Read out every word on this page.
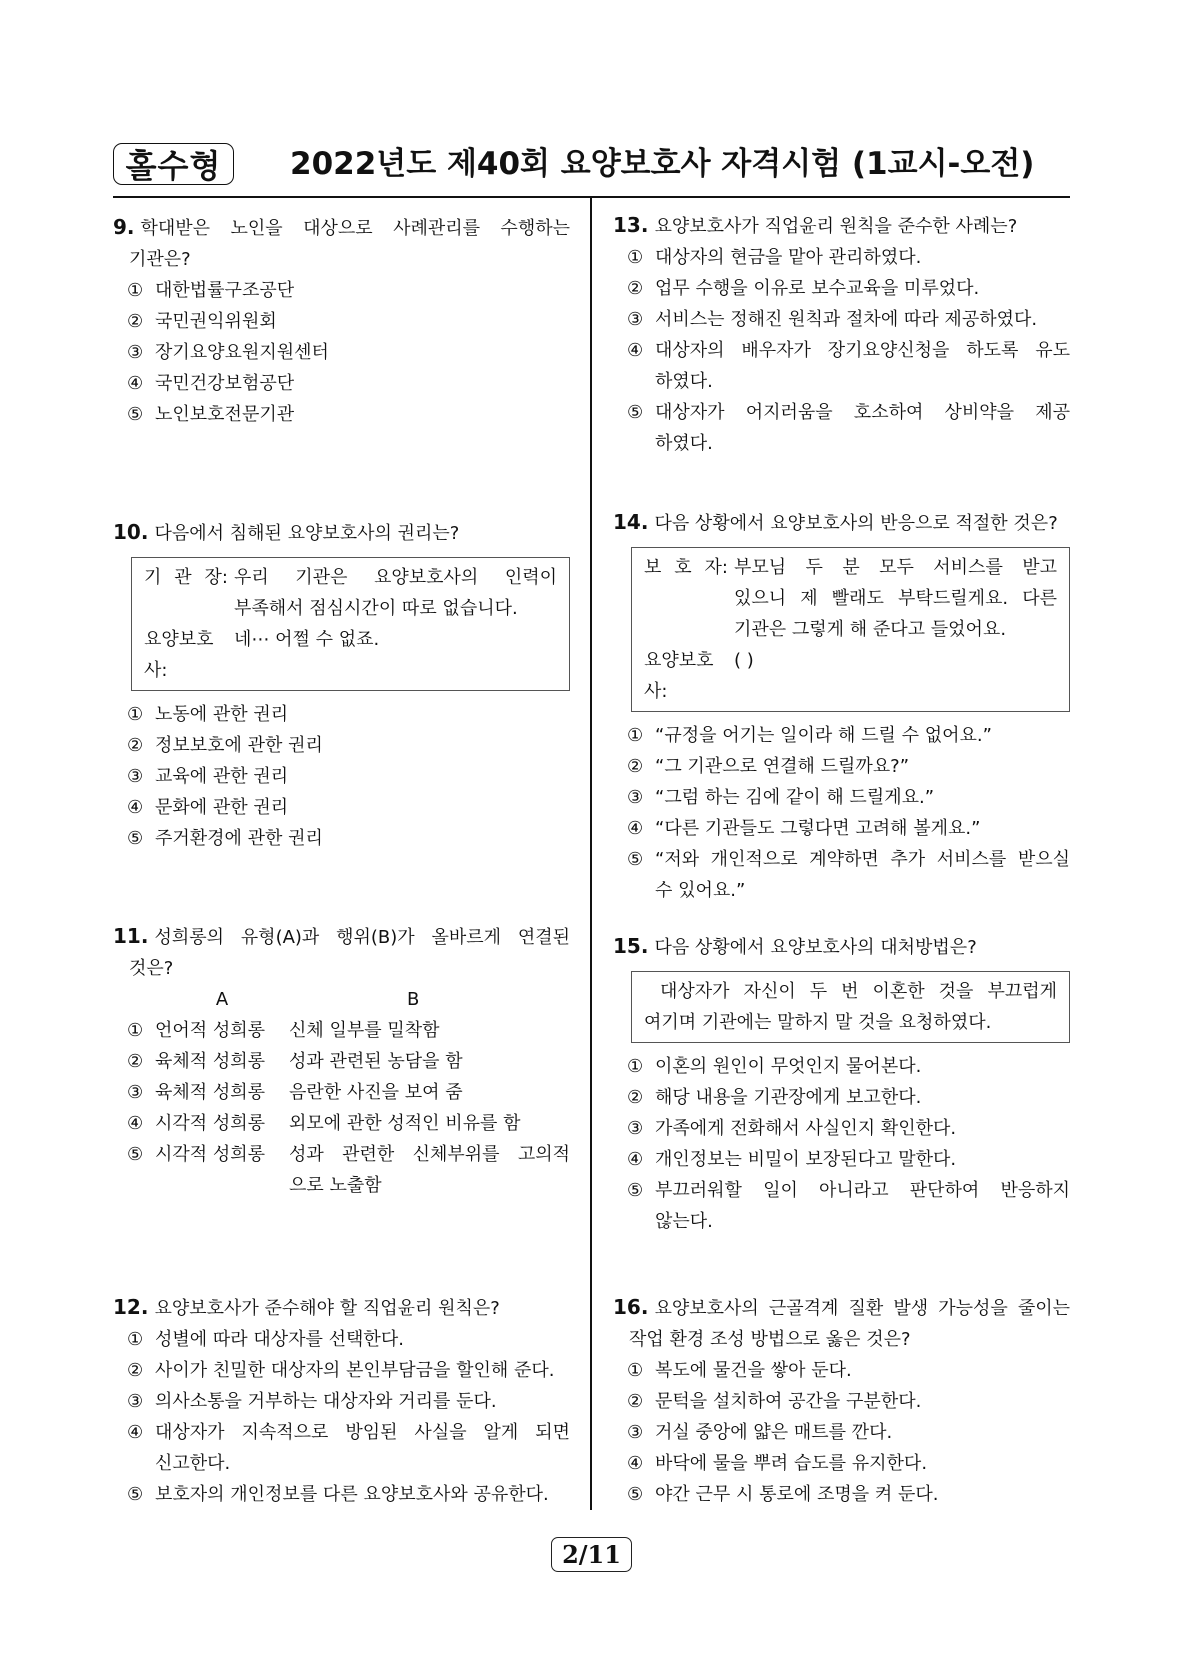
홀수형	2022년도 제40회 요양보호사 자격시험 (1교시-오전)
9. 학대받은 노인을 대상으로 사례관리를 수행하는
기관은?
① 대한법률구조공단
② 국민권익위원회
③ 장기요양요원지원센터
④ 국민건강보험공단
⑤ 노인보호전문기관
10. 다음에서 침해된 요양보호사의 권리는?
기 관 장: 우리 기관은 요양보호사의 인력이
부족해서 점심시간이 따로 없습니다.
요양보호사:
네⋯ 어쩔 수 없죠.
① 노동에 관한 권리
② 정보보호에 관한 권리
③ 교육에 관한 권리
④ 문화에 관한 권리
⑤ 주거환경에 관한 권리
11. 성희롱의 유형(A)과 행위(B)가 올바르게 연결된
것은?
A	B
① 언어적 성희롱	신체 일부를 밀착함
② 육체적 성희롱	성과 관련된 농담을 함
③ 육체적 성희롱	음란한 사진을 보여 줌
④ 시각적 성희롱	외모에 관한 성적인 비유를 함
⑤ 시각적 성희롱	성과 관련한 신체부위를 고의적
으로 노출함
12. 요양보호사가 준수해야 할 직업윤리 원칙은?
① 성별에 따라 대상자를 선택한다.
② 사이가 친밀한 대상자의 본인부담금을 할인해 준다.
③ 의사소통을 거부하는 대상자와 거리를 둔다.
④ 대상자가 지속적으로 방임된 사실을 알게 되면
신고한다.
⑤ 보호자의 개인정보를 다른 요양보호사와 공유한다.
13. 요양보호사가 직업윤리 원칙을 준수한 사례는?
① 대상자의 현금을 맡아 관리하였다.
② 업무 수행을 이유로 보수교육을 미루었다.
③ 서비스는 정해진 원칙과 절차에 따라 제공하였다.
④ 대상자의 배우자가 장기요양신청을 하도록 유도
하였다.
⑤ 대상자가 어지러움을 호소하여 상비약을 제공
하였다.
14. 다음 상황에서 요양보호사의 반응으로 적절한 것은?
보 호 자: 부모님 두 분 모두 서비스를 받고
있으니 제 빨래도 부탁드릴게요. 다른
기관은 그렇게 해 준다고 들었어요.
요양보호사:
( )
① “규정을 어기는 일이라 해 드릴 수 없어요.”
② “그 기관으로 연결해 드릴까요?”
③ “그럼 하는 김에 같이 해 드릴게요.”
④ “다른 기관들도 그렇다면 고려해 볼게요.”
⑤ “저와 개인적으로 계약하면 추가 서비스를 받으실
수 있어요.”
15. 다음 상황에서 요양보호사의 대처방법은?
대상자가 자신이 두 번 이혼한 것을 부끄럽게
여기며 기관에는 말하지 말 것을 요청하였다.
① 이혼의 원인이 무엇인지 물어본다.
② 해당 내용을 기관장에게 보고한다.
③ 가족에게 전화해서 사실인지 확인한다.
④ 개인정보는 비밀이 보장된다고 말한다.
⑤ 부끄러워할 일이 아니라고 판단하여 반응하지
않는다.
16. 요양보호사의 근골격계 질환 발생 가능성을 줄이는
작업 환경 조성 방법으로 옳은 것은?
① 복도에 물건을 쌓아 둔다.
② 문턱을 설치하여 공간을 구분한다.
③ 거실 중앙에 얇은 매트를 깐다.
④ 바닥에 물을 뿌려 습도를 유지한다.
⑤ 야간 근무 시 통로에 조명을 켜 둔다.
2/11
